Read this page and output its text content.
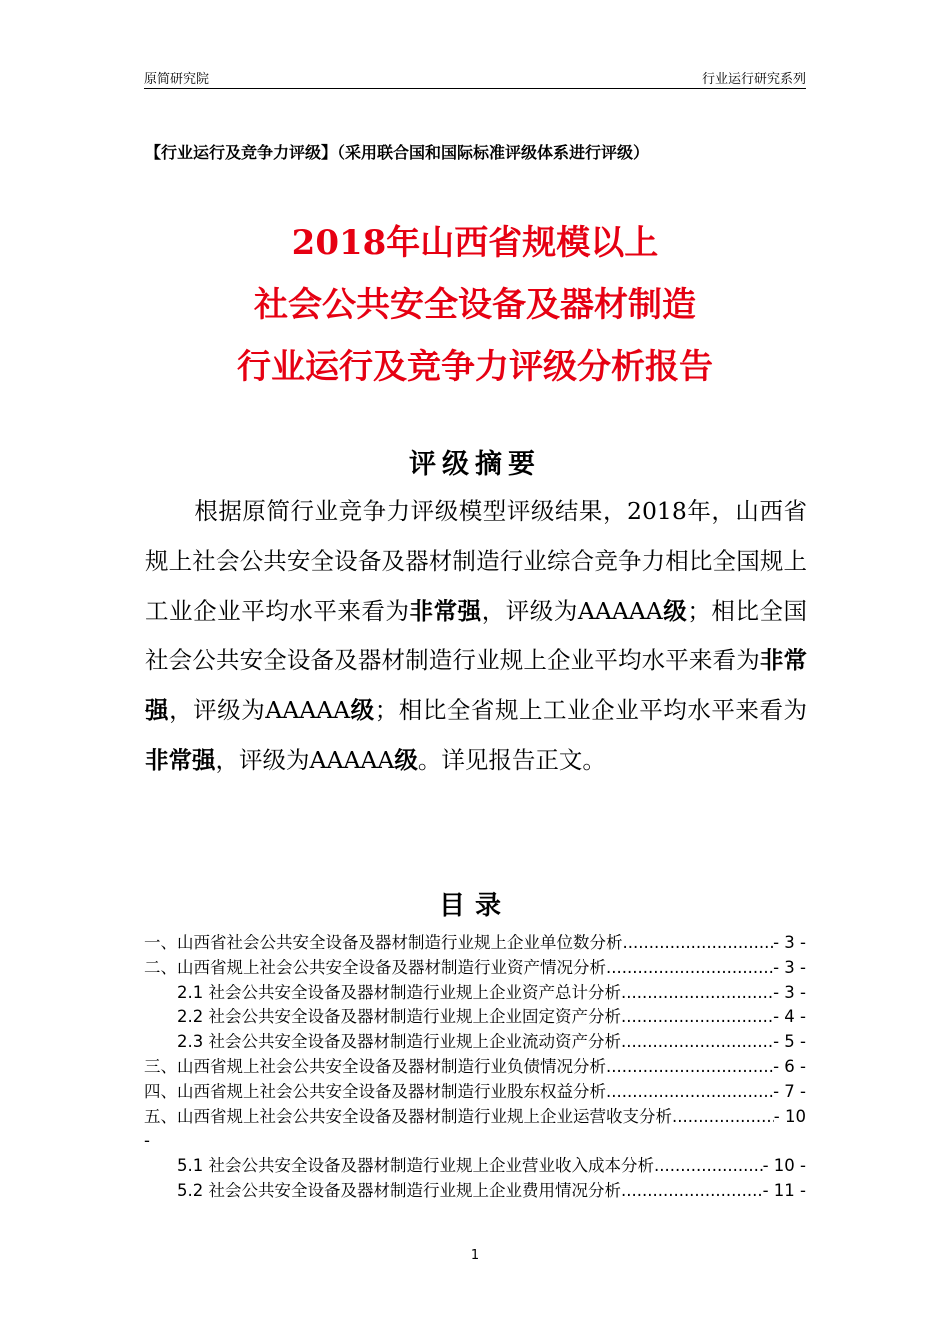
原简研究院	行业运行研究系列
【行业运行及竞争力评级】（采用联合国和国际标准评级体系进行评级）
2018年山西省规模以上
社会公共安全设备及器材制造
行业运行及竞争力评级分析报告
评级摘要
根据原简行业竞争力评级模型评级结果，2018年，山西省规上社会公共安全设备及器材制造行业综合竞争力相比全国规上工业企业平均水平来看为非常强，评级为AAAAA级；相比全国社会公共安全设备及器材制造行业规上企业平均水平来看为非常强，评级为AAAAA级；相比全省规上工业企业平均水平来看为非常强，评级为AAAAA级。详见报告正文。
目录
一、山西省社会公共安全设备及器材制造行业规上企业单位数分析 .....	- 3 -
二、山西省规上社会公共安全设备及器材制造行业资产情况分析 .....	- 3 -
2.1 社会公共安全设备及器材制造行业规上企业资产总计分析 .....	- 3 -
2.2 社会公共安全设备及器材制造行业规上企业固定资产分析 .....	- 4 -
2.3 社会公共安全设备及器材制造行业规上企业流动资产分析 .....	- 5 -
三、山西省规上社会公共安全设备及器材制造行业负债情况分析 .....	- 6 -
四、山西省规上社会公共安全设备及器材制造行业股东权益分析 .....	- 7 -
五、山西省规上社会公共安全设备及器材制造行业规上企业运营收支分析 .....	- 10
-
5.1 社会公共安全设备及器材制造行业规上企业营业收入成本分析 .....	- 10 -
5.2 社会公共安全设备及器材制造行业规上企业费用情况分析 .....	- 11 -
1
